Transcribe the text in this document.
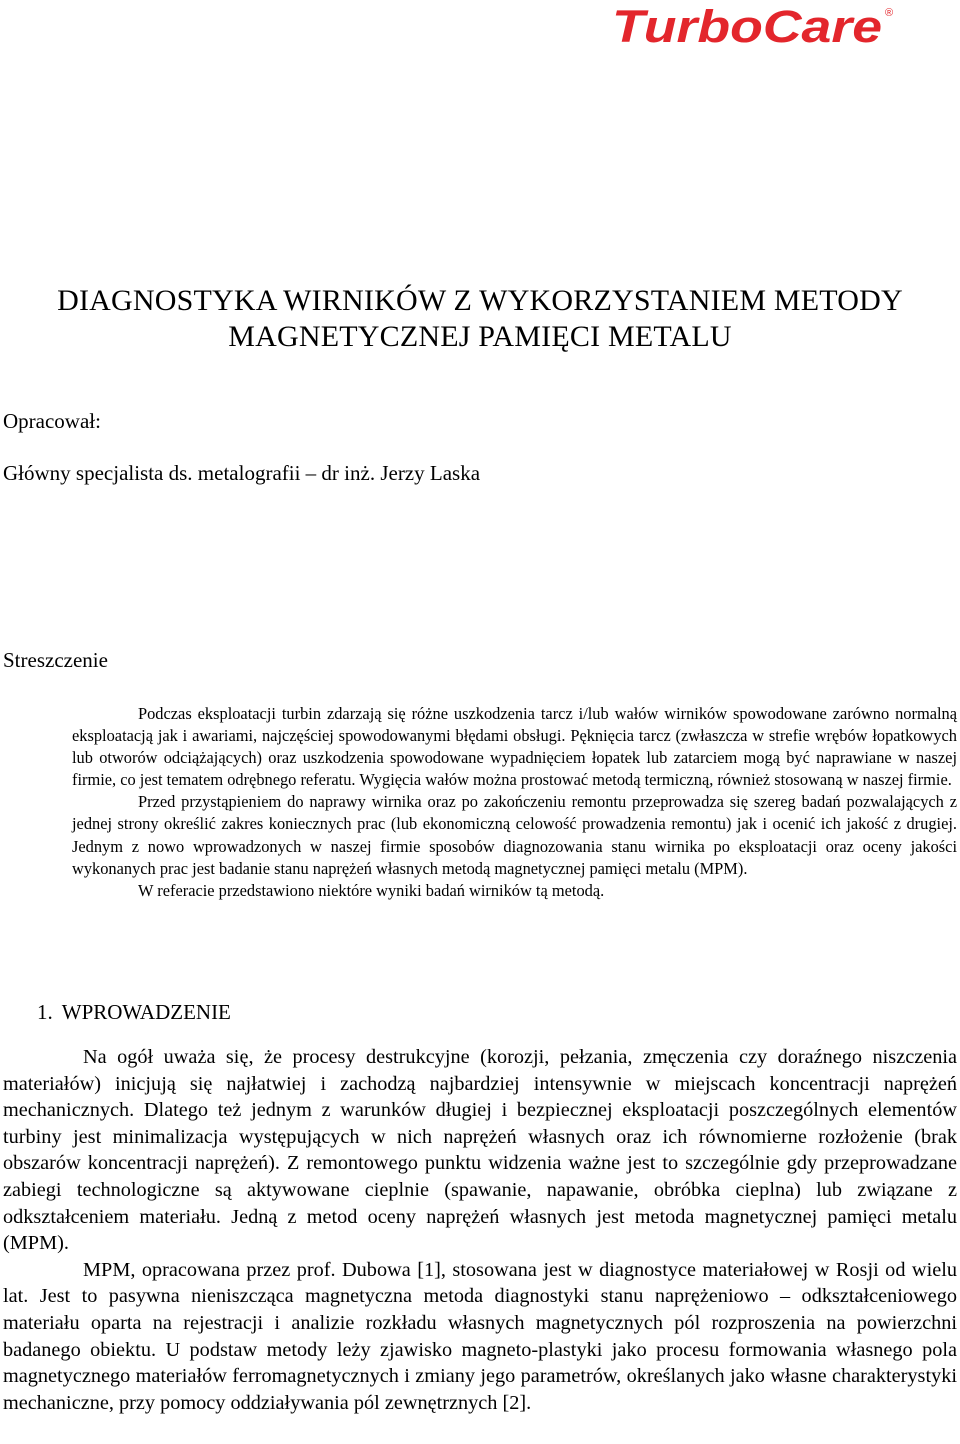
TurboCare ®
DIAGNOSTYKA WIRNIKÓW Z WYKORZYSTANIEM METODY
MAGNETYCZNEJ PAMIĘCI METALU
Opracował:
Główny specjalista ds. metalografii – dr inż. Jerzy Laska
Streszczenie

Podczas eksploatacji turbin zdarzają się różne uszkodzenia tarcz i/lub wałów wirników spowodowane zarówno normalną eksploatacją jak i awariami, najczęściej spowodowanymi błędami obsługi. Pęknięcia tarcz (zwłaszcza w strefie wrębów łopatkowych lub otworów odciążających) oraz uszkodzenia spowodowane wypadnięciem łopatek lub zatarciem mogą być naprawiane w naszej firmie, co jest tematem odrębnego referatu. Wygięcia wałów można prostować metodą termiczną, również stosowaną w naszej firmie.

Przed przystąpieniem do naprawy wirnika oraz po zakończeniu remontu przeprowadza się szereg badań pozwalających z jednej strony określić zakres koniecznych prac (lub ekonomiczną celowość prowadzenia remontu) jak i ocenić ich jakość z drugiej. Jednym z nowo wprowadzonych w naszej firmie sposobów diagnozowania stanu wirnika po eksploatacji oraz oceny jakości wykonanych prac jest badanie stanu naprężeń własnych metodą magnetycznej pamięci metalu (MPM).

W referacie przedstawiono niektóre wyniki badań wirników tą metodą.

1. WPROWADZENIE

Na ogół uważa się, że procesy destrukcyjne (korozji, pełzania, zmęczenia czy doraźnego niszczenia materiałów) inicjują się najłatwiej i zachodzą najbardziej intensywnie w miejscach koncentracji naprężeń mechanicznych. Dlatego też jednym z warunków długiej i bezpiecznej eksploatacji poszczególnych elementów turbiny jest minimalizacja występujących w nich naprężeń własnych oraz ich równomierne rozłożenie (brak obszarów koncentracji naprężeń). Z remontowego punktu widzenia ważne jest to szczególnie gdy przeprowadzane zabiegi technologiczne są aktywowane cieplnie (spawanie, napawanie, obróbka cieplna) lub związane z odkształceniem materiału. Jedną z metod oceny naprężeń własnych jest metoda magnetycznej pamięci metalu (MPM).

MPM, opracowana przez prof. Dubowa [1], stosowana jest w diagnostyce materiałowej w Rosji od wielu lat. Jest to pasywna nieniszcząca magnetyczna metoda diagnostyki stanu naprężeniowo – odkształceniowego materiału oparta na rejestracji i analizie rozkładu własnych magnetycznych pól rozproszenia na powierzchni badanego obiektu. U podstaw metody leży zjawisko magneto-plastyki jako procesu formowania własnego pola magnetycznego materiałów ferromagnetycznych i zmiany jego parametrów, określanych jako własne charakterystyki mechaniczne, przy pomocy oddziaływania pól zewnętrznych [2].
